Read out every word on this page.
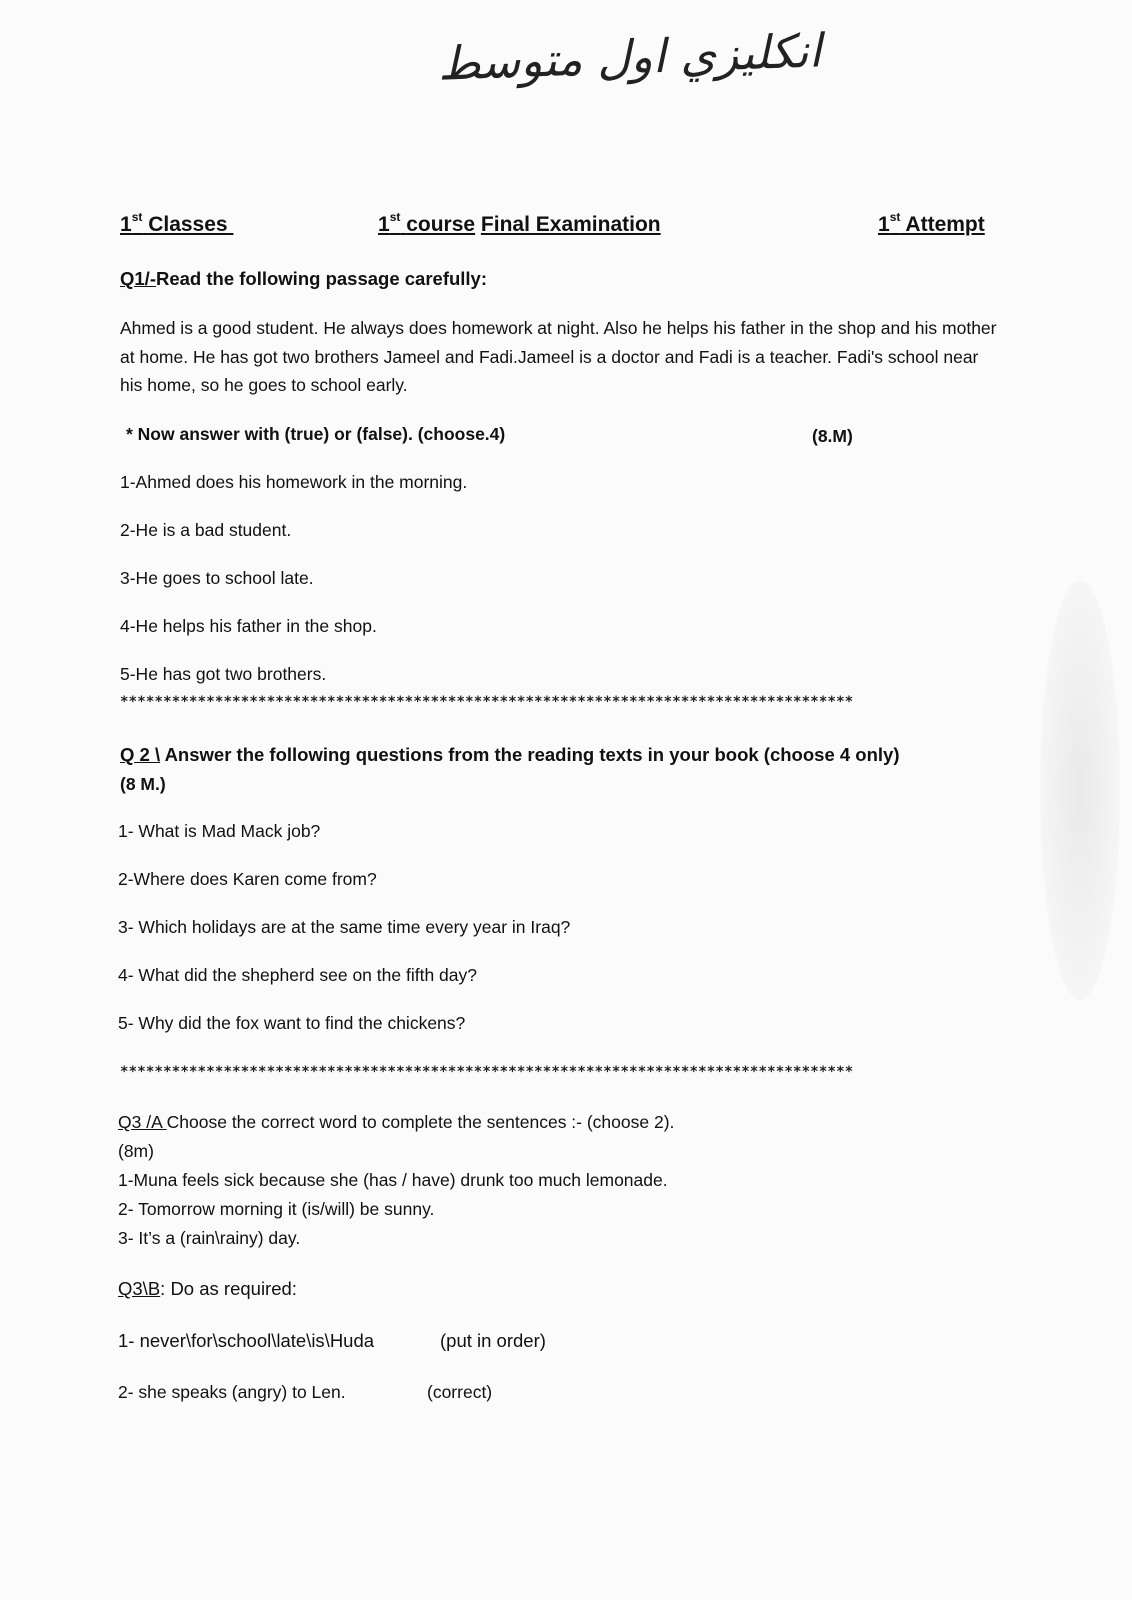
انكليزي اول متوسط
1st Classes	1st course Final Examination	1st Attempt
Q1/-Read the following passage carefully:
Ahmed is a good student. He always does homework at night. Also he helps his father in the shop and his mother at home. He has got two brothers Jameel and Fadi.Jameel is a doctor and Fadi is a teacher. Fadi's school near his home, so he goes to school early.
* Now answer with (true) or (false). (choose.4)	(8.M)
1-Ahmed does his homework in the morning.
2-He is a bad student.
3-He goes to school late.
4-He helps his father in the shop.
5-He has got two brothers.
*************************************************************************************
Q 2 \ Answer the following questions from the reading texts in your book (choose 4 only)
(8 M.)
1- What is Mad Mack job?
2-Where does Karen come from?
3- Which holidays are at the same time every year in Iraq?
4- What did the shepherd see on the fifth day?
5- Why did the fox want to find the chickens?
*************************************************************************************
Q3 /A Choose the correct word to complete the sentences :- (choose 2).
(8m)
1-Muna feels sick because she (has / have) drunk too much lemonade.
2- Tomorrow morning it (is/will) be sunny.
3- It’s a (rain\rainy) day.
Q3\B: Do as required:
1- never\for\school\late\is\Huda	(put in order)
2- she speaks (angry) to Len.	(correct)
